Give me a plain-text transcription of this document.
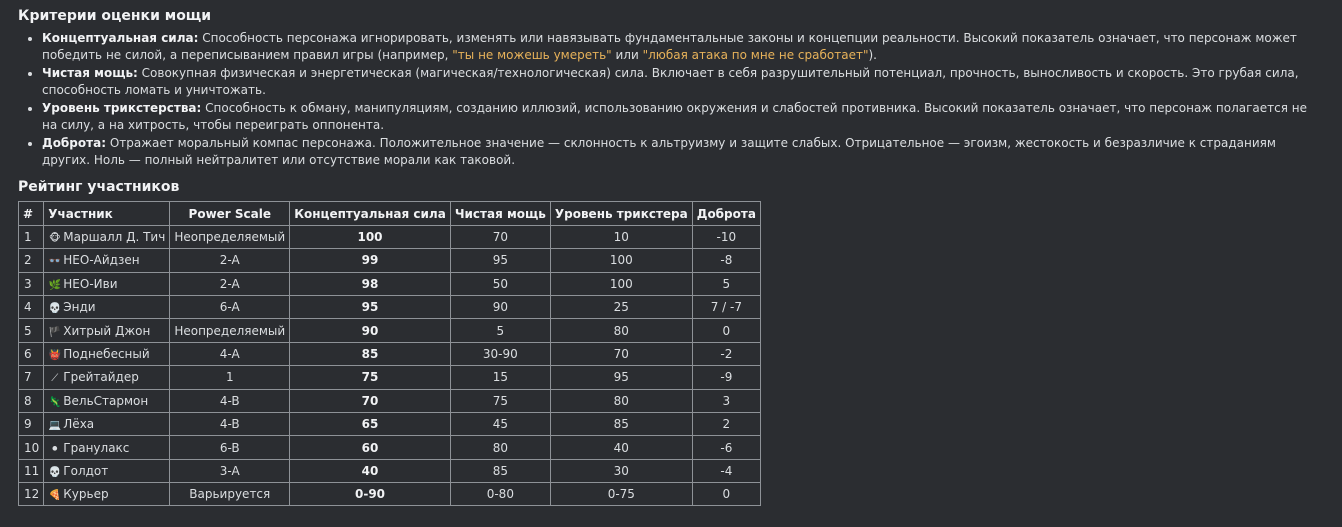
Критерии оценки мощи
Концептуальная сила: Способность персонажа игнорировать, изменять или навязывать фундаментальные законы и концепции реальности. Высокий показатель означает, что персонаж может победить не силой, а переписыванием правил игры (например, "ты не можешь умереть" или "любая атака по мне не сработает").
Чистая мощь: Совокупная физическая и энергетическая (магическая/технологическая) сила. Включает в себя разрушительный потенциал, прочность, выносливость и скорость. Это грубая сила, способность ломать и уничтожать.
Уровень трикстерства: Способность к обману, манипуляциям, созданию иллюзий, использованию окружения и слабостей противника. Высокий показатель означает, что персонаж полагается не на силу, а на хитрость, чтобы переиграть оппонента.
Доброта: Отражает моральный компас персонажа. Положительное значение — склонность к альтруизму и защите слабых. Отрицательное — эгоизм, жестокость и безразличие к страданиям других. Ноль — полный нейтралитет или отсутствие морали как таковой.
Рейтинг участников
#	Участник	Power Scale	Концептуальная сила	Чистая мощь	Уровень трикстера	Доброта
1	🐵 Маршалл Д. Тич	Неопределяемый	100	70	10	-10
2	👓 НЕО-Айдзен	2-A	99	95	100	-8
3	🌿 НЕО-Иви	2-A	98	50	100	5
4	💀 Энди	6-A	95	90	25	7 / -7
5	🏴 Хитрый Джон	Неопределяемый	90	5	80	0
6	👹 Поднебесный	4-A	85	30-90	70	-2
7	⟋ Грейтайдер	1	75	15	95	-9
8	🦎 ВельСтармон	4-B	70	75	80	3
9	💻 Лёха	4-B	65	45	85	2
10	⚫ Гранулакс	6-B	60	80	40	-6
11	💀 Голдот	3-A	40	85	30	-4
12	🍕 Курьер	Варьируется	0-90	0-80	0-75	0
